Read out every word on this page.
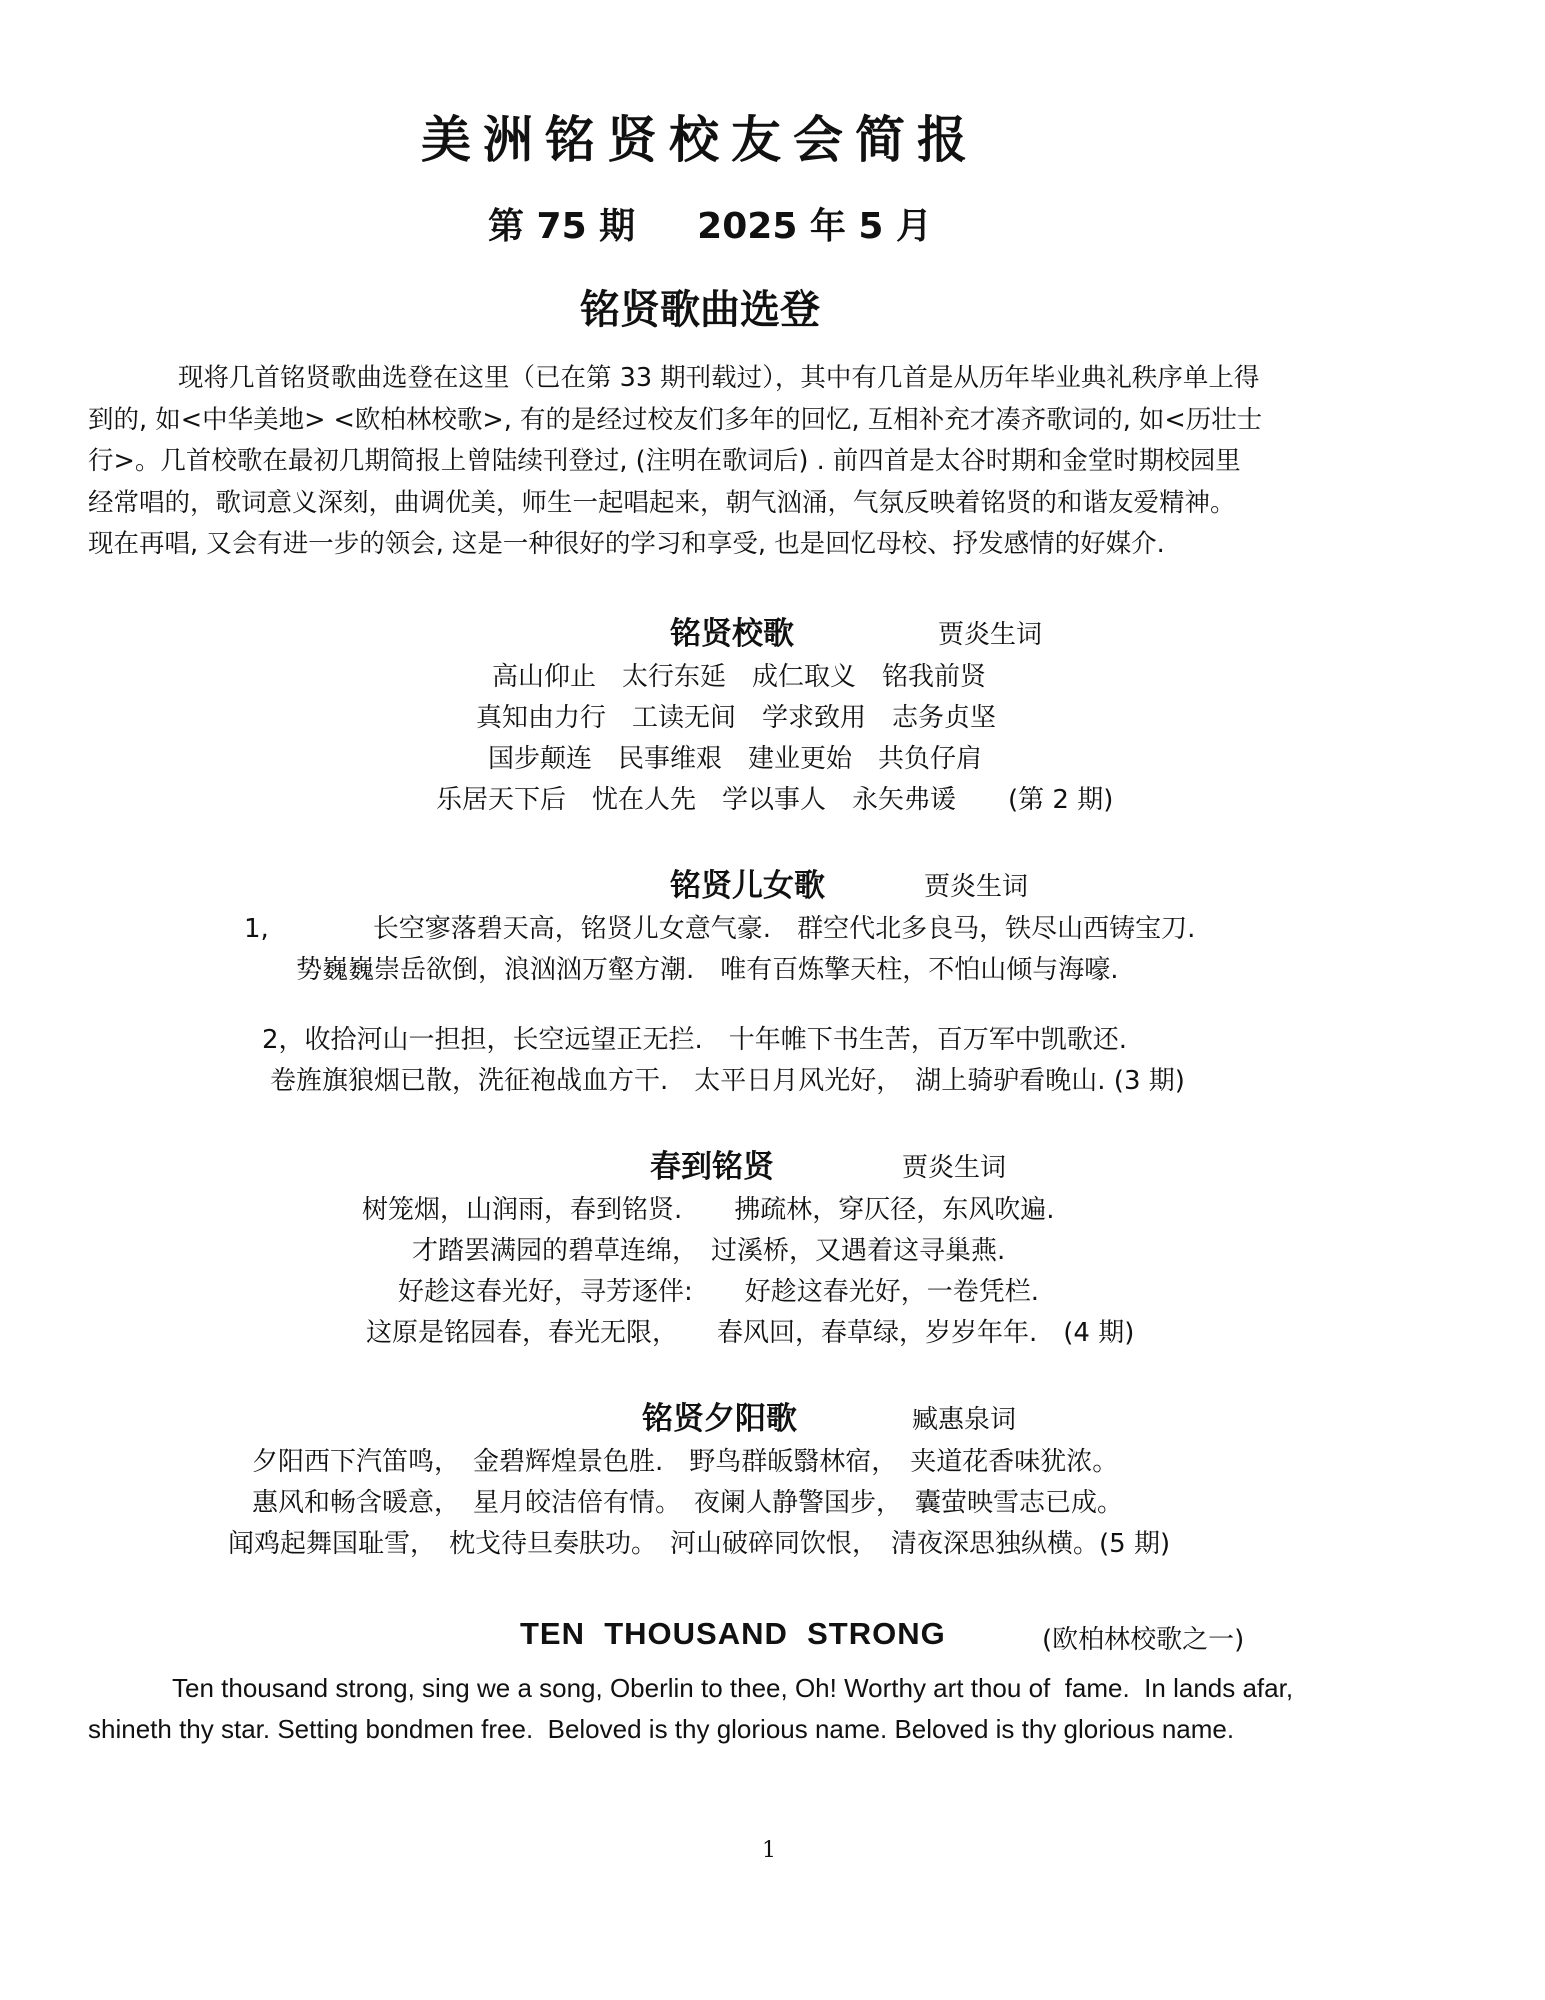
美洲铭贤校友会简报
第 75 期 2025 年 5 月
铭贤歌曲选登

现将几首铭贤歌曲选登在这里（已在第 33 期刊载过），其中有几首是从历年毕业典礼秩序单上得

到的, 如<中华美地> <欧柏林校歌>, 有的是经过校友们多年的回忆, 互相补充才凑齐歌词的, 如<历壮士

行>。几首校歌在最初几期简报上曾陆续刊登过, (注明在歌词后) . 前四首是太谷时期和金堂时期校园里

经常唱的，歌词意义深刻，曲调优美，师生一起唱起来，朝气汹涌，气氛反映着铭贤的和谐友爱精神。

现在再唱, 又会有进一步的领会, 这是一种很好的学习和享受, 也是回忆母校、抒发感情的好媒介.

铭贤校歌	贾炎生词
高山仰止　太行东延　成仁取义　铭我前贤
真知由力行　工读无间　学求致用　志务贞坚
国步颠连　民事维艰　建业更始　共负仔肩
乐居天下后　忧在人先　学以事人　永矢弗谖　　(第 2 期)
铭贤儿女歌	贾炎生词
1,　　　　长空寥落碧天高，铭贤儿女意气豪.　群空代北多良马，铁尽山西铸宝刀.
势巍巍崇岳欲倒，浪汹汹万壑方潮.　唯有百炼擎天柱，不怕山倾与海嚎.
2，收拾河山一担担，长空远望正无拦.　十年帷下书生苦，百万军中凯歌还.
卷旌旗狼烟已散，洗征袍战血方干.　太平日月风光好，　湖上骑驴看晚山. (3 期)
春到铭贤	贾炎生词
树笼烟，山润雨，春到铭贤.　　拂疏林，穿仄径，东风吹遍.
才踏罢满园的碧草连绵，　过溪桥，又遇着这寻巢燕.
好趁这春光好，寻芳逐伴:　　好趁这春光好，一卷凭栏.
这原是铭园春，春光无限，　　春风回，春草绿，岁岁年年.　(4 期)
铭贤夕阳歌	臧惠泉词
夕阳西下汽笛鸣，　金碧辉煌景色胜.　野鸟群皈翳林宿，　夹道花香味犹浓。
惠风和畅含暖意，　星月皎洁倍有情。　夜阑人静警国步，　囊萤映雪志已成。
闻鸡起舞国耻雪，　枕戈待旦奏肤功。　河山破碎同饮恨，　清夜深思独纵横。(5 期)
TEN  THOUSAND  STRONG	(欧柏林校歌之一)

Ten thousand strong, sing we a song, Oberlin to thee, Oh! Worthy art thou of  fame.  In lands afar,

shineth thy star. Setting bondmen free.  Beloved is thy glorious name. Beloved is thy glorious name.

1
